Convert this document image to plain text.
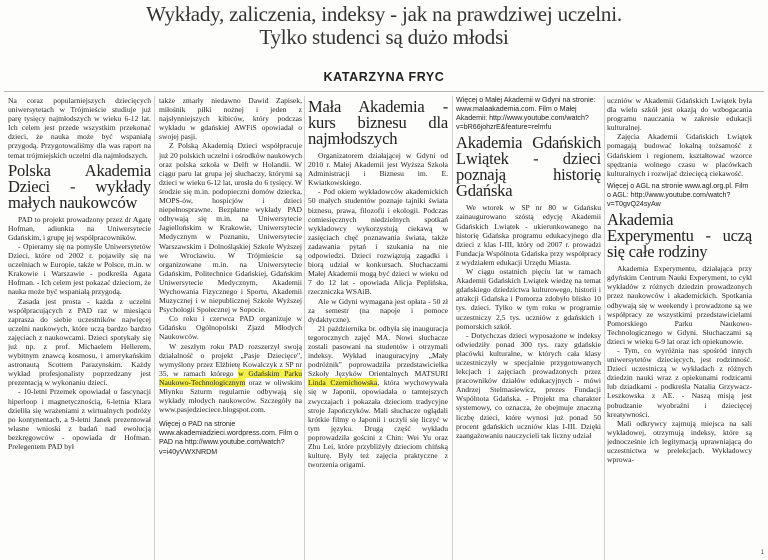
Wykłady, zaliczenia, indeksy - jak na prawdziwej uczelni.
Tylko studenci są dużo młodsi
KATARZYNA FRYC

Na coraz popularniejszych dziecięcych uniwersytetach w Trójmieście studiuje już parę tysięcy najmłodszych w wieku 6-12 lat. Ich celem jest przede wszystkim przekonać dzieci, że nauka może być wspaniałą przygodą. Przygotowaliśmy dla was raport na temat trójmiejskich uczelni dla najmłodszych.

Polska Akademia Dzieci - wykłady małych naukowców

PAD to projekt prowadzony przez dr Agatę Hofman, adiunkta na Uniwersytecie Gdańskim, i grupę jej współpracowników.

- Opieramy się na pomyśle Uniwersytetów Dzieci, które od 2002 r. pojawiły się na uczelniach w Europie, także w Polsce, m.in. w Krakowie i Warszawie - podkreśla Agata Hofman. - Ich celem jest pokazać dzieciom, że nauka może być wspaniałą przygodą.

Zasada jest prosta - każda z uczelni współpracujących z PAD raz w miesiącu zaprasza do siebie uczestników najwięcej uczelni naukowych, które uczą bardzo bardzo zajęciach z naukowcami. Dzieci spotykały się już np. z prof. Michaelem Hellerem, wybitnym znawcą kosmosu, i amerykańskim astronautą Scottem Parazynskim. Każdy wykład profesjonalisty poprzedzany jest prezentacją w wykonaniu dzieci.

- 10-letni Przemek opowiadał o fascynacji hiperloop i magnetycznością, 6-letnia Klara dzieliła się wrażeniami z wirtualnych podróży po kontynentach, a 9-letni Janek prezentował własne wnioski z badań nad ewolucją bezkręgowców - opowiada dr Hofman. Prelegentem PAD był

także zmarły niedawno Dawid Zapisek, miłośnik piłki nożnej i jeden z najsłynniejszych kibiców, który podczas wykładu w gdańskiej AWFiS opowiadał o swojej pasji.

Z Polską Akademią Dzieci współpracuje już 20 polskich uczelni i ośrodków naukowych oraz polska szkoła w Delft w Holandii. W ciągu paru lat grupa jej słuchaczy, którymi są dzieci w wieku 6-12 lat, urosła do 6 tysięcy. W środzie się m.in. podopieczni domów dziecka, MOPS-ów, hospicjów i dzieci niepełnosprawne. Bezpłatne wykłady PAD odbywają się m.in. na Uniwersytecie Jagiellońskim w Krakowie, Uniwersytecie Medycznym w Poznaniu, Uniwersytecie Warszawskim i Dolnośląskiej Szkole Wyższej we Wrocławiu. W Trójmieście są organizowane m.in. na Uniwersytecie Gdańskim, Politechnice Gdańskiej, Gdańskim Uniwersytecie Medycznym, Akademii Wychowania Fizycznego i Sportu, Akademii Muzycznej i w niepublicznej Szkole Wyższej Psychologii Społecznej w Sopocie.

Co roku i czerwca PAD organizuje w Gdańsku Ogólnopolski Zjazd Młodych Naukowców.

W zeszłym roku PAD rozszerzył swoją działalność o projekt „Pasje Dziecięce", wymyślony przez Elżbietę Kowalczyk z SP nr 35, w ramach którego w Gdańskim Parku Naukowo-Technologicznym oraz w oliwskim Młynku Szturm regularnie odbywają się wykłady młodych naukowców. Szczegóły na www.pasjedzieciece.blogspot.com.

Więcej o PAD na stronie www.akademiadzieci.wordpress.com. Film o PAD na http://www.youtube.com/watch?v=i40yVWXNRDM

Mała Akademia - kurs biznesu dla najmłodszych

Organizatorem działającej w Gdyni od 2010 r. Małej Akademii jest Wyższa Szkoła Administracji i Biznesu im. E. Kwiatkowskiego.

- Pod okiem wykładowców akademickich 50 małych studentów poznaje tajniki świata biznesu, prawa, filozofii i ekologii. Podczas comiesięcznych niedzielnych spotkań wykładowcy wykorzystują ciekawą w zasięciach chęć poznawania świata, także zadawania pytań i szukania na nie odpowiedzi. Dzieci rozwiązują zagadki i biorą udział w konkursach. Słuchaczami Małej Akademii mogą być dzieci w wieku od 7 do 12 lat - opowiada Alicja Peplińska, rzeczniczka WSAiB.

Ale w Gdyni wymagana jest opłata - 50 zł za semestr (na napoje i pomoce dydaktyczne).

21 października br. odbyła się inauguracja tegorocznych zajęć MA. Nowi słuchacze zostali pasowani na studentów i otrzymali indeksy. Wykład inauguracyjny „Mały podróżnik" poprowadziła przedstawicielka Szkoły Języków Orientalnych MATSURI Linda Czernichowska, która wychowywała się w Japonii, opowiadała o tamtejszych zwyczajach i pokazała dzieciom tradycyjne stroje Japończyków. Mali słuchacze oglądali krótkie filmy o Japonii i uczyli się liczyć w tym języku. Drugą część wykładu poprowadziła gościni z Chin: Wei Yu oraz Zhu Lei, które przybliżyły dzieciom chińską kulturę. Były też zajęcia praktyczne z tworzenia origami.

Więcej o Małej Akademii w Gdyni na stronie: www.malaakademia.com. Film o Małej Akademii: http://www.youtube.com/watch?v=bR66johzrE&feature=relmfu

Akademia Gdańskich Lwiątek - dzieci poznają historię Gdańska

We wtorek w SP nr 80 w Gdańsku zainaugurowano szóstą edycję Akademii Gdańskich Lwiątek - ukierunkowanego na historię Gdańska programu edukacyjnego dla dzieci z klas I-III, który od 2007 r. prowadzi Fundacja Wspólnota Gdańska przy współpracy z wydziałem edukacji Urzędu Miasta.

W ciągu ostatnich pięciu lat w ramach Akademii Gdańskich Lwiątek wiedzę na temat gdańskiego dziedzictwa kulturowego, historii i atrakcji Gdańska i Pomorza zdobyło blisko 10 tys. dzieci. Tylko w tym roku w programie uczestniczy 2,5 tys. uczniów z gdańskich i pomorskich szkół.

- Dotychczas dzieci wyposażone w indeksy odwiedziły ponad 300 tys. razy gdańskie placówki kulturalne, w których cała klasy uczestniczyły w specjalnie przygotowanych lekcjach i zajęciach prowadzonych przez pracowników działów edukacyjnych - mówi Andrzej Stelmasiewicz, prezes Fundacji Wspólnota Gdańska. - Projekt ma charakter systemowy, co oznacza, że obejmuje znaczną liczbę dzieci, które wynosi już ponad 50 procent gdańskich uczniów klas I-III. Dzięki zaangażowaniu nauczycieli tak liczny udział

uczniów w Akademii Gdańskich Lwiątek była dla wielu szkół jest okazją do wzbogacania programu nauczania w zakresie edukacji kulturalnej.

Zajęcia Akademii Gdańskich Lwiątek pomagają budować lokalną tożsamość z Gdańskiem i regionem, kształtować wzorce spędzania wolnego czasu w placówkach kulturalnych i rozwijać dziecięcą ciekawość.

Więcej o AGL na stronie www.agl.org.pl. Film o AGL: http://www.youtube.com/watch?v=T0gvQ24syAw

Akademia Experymentu - uczą się całe rodziny

Akademia Experymentu, działająca przy gdyńskim Centrum Nauki Experyment, to cykl wykładów z różnych dziedzin prowadzonych przez naukowców i akademickich. Spotkania odbywają się w weekendy i prowadzone są we współpracy ze wszystkimi przedstawicielami Pomorskiego Parku Naukowo-Technologicznego w Gdyni. Słuchaczami są dzieci w wieku 6-9 lat oraz ich opiekunowie.

- Tym, co wyróżnia nas spośród innych uniwersytetów dziecięcych, jest rodzinność. Dzieci uczestniczą w wykładach z różnych dziedzin nauki wraz z opiekunami rodzicami lub dziadkami - podkreśla Natalia Grzywacz-Leszkowska z AE. - Naszą misją jest pobudzanie wyobraźni i dziecięcej kreatywności.

Mali odkrywcy zajmują miejsca na sali wykładowej, otrzymują indeksy, które są jednocześnie ich legitymacją uprawniającą do uczestnictwa w prelekcjach. Wykładowcy wprowa-

1
